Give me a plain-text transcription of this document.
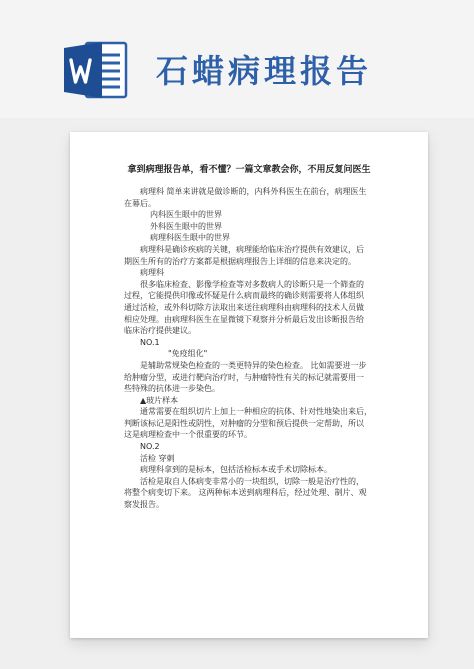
石蜡病理报告
拿到病理报告单，看不懂？一篇文章教会你，不用反复问医生
病理科 简单来讲就是做诊断的，内科外科医生在前台，病理医生
在幕后。
内科医生眼中的世界
外科医生眼中的世界
病理科医生眼中的世界
病理科是确诊疾病的关键，病理能给临床治疗提供有效建议，后
期医生所有的治疗方案都是根据病理报告上详细的信息来决定的。
病理科
很多临床检查、影像学检查等对多数病人的诊断只是一个筛查的
过程，它能提供印像或怀疑是什么病而最终的确诊则需要将人体组织
通过活检，或外科切除方法取出来送往病理科由病理科的技术人员做
相应处理。由病理科医生在显微镜下观察并分析最后发出诊断报告给
临床治疗提供建议。
NO.1
"免疫组化"
是辅助常规染色检查的一类更特异的染色检查。 比如需要进一步
给肿瘤分型，或进行靶向治疗时，与肿瘤特性有关的标记就需要用一
些特殊的抗体进一步染色。
▲玻片样本
通常需要在组织切片上加上一种相应的抗体、针对性地染出来后，
判断该标记是阳性或阴性，对肿瘤的分型和预后提供一定帮助，所以
这是病理检查中一个很重要的环节。
NO.2
活检 穿刺
病理科拿到的是标本，包括活检标本或手术切除标本。
活检是取自人体病变非常小的一块组织，切除一般是治疗性的，
将整个病变切下来。 这两种标本送到病理科后，经过处理、制片、观
察发报告。
